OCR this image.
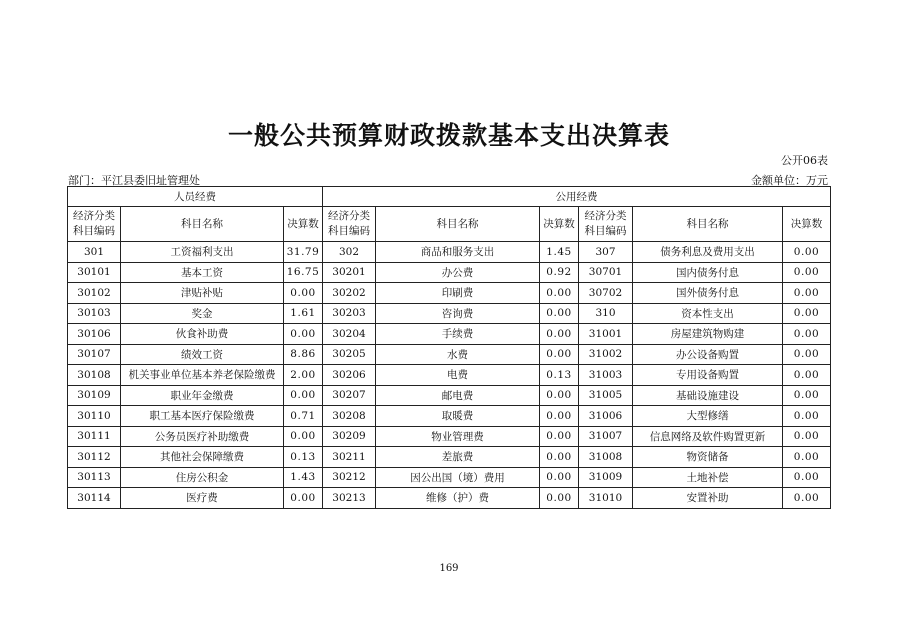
一般公共预算财政拨款基本支出决算表
公开06表
部门：平江县委旧址管理处	金额单位：万元
人员经费			公用经费					
经济分类科目编码	科目名称	决算数	经济分类科目编码	科目名称	决算数	经济分类科目编码	科目名称	决算数
301	工资福利支出	31.79	302	商品和服务支出	1.45	307	债务利息及费用支出	0.00
30101	基本工资	16.75	30201	办公费	0.92	30701	国内债务付息	0.00
30102	津贴补贴	0.00	30202	印刷费	0.00	30702	国外债务付息	0.00
30103	奖金	1.61	30203	咨询费	0.00	310	资本性支出	0.00
30106	伙食补助费	0.00	30204	手续费	0.00	31001	房屋建筑物购建	0.00
30107	绩效工资	8.86	30205	水费	0.00	31002	办公设备购置	0.00
30108	机关事业单位基本养老保险缴费	2.00	30206	电费	0.13	31003	专用设备购置	0.00
30109	职业年金缴费	0.00	30207	邮电费	0.00	31005	基础设施建设	0.00
30110	职工基本医疗保险缴费	0.71	30208	取暖费	0.00	31006	大型修缮	0.00
30111	公务员医疗补助缴费	0.00	30209	物业管理费	0.00	31007	信息网络及软件购置更新	0.00
30112	其他社会保障缴费	0.13	30211	差旅费	0.00	31008	物资储备	0.00
30113	住房公积金	1.43	30212	因公出国（境）费用	0.00	31009	土地补偿	0.00
30114	医疗费	0.00	30213	维修（护）费	0.00	31010	安置补助	0.00
169
